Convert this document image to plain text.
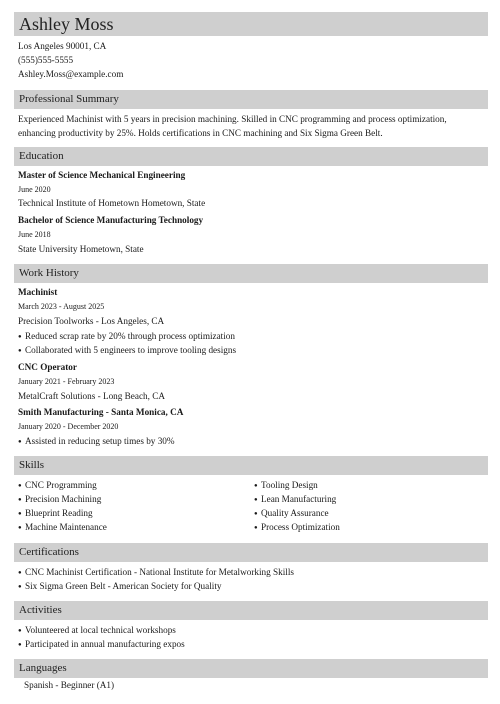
Ashley Moss
Los Angeles 90001, CA
(555)555-5555
Ashley.Moss@example.com
Professional Summary
Experienced Machinist with 5 years in precision machining. Skilled in CNC programming and process optimization, enhancing productivity by 25%. Holds certifications in CNC machining and Six Sigma Green Belt.
Education
Master of Science Mechanical Engineering
June 2020
Technical Institute of Hometown Hometown, State
Bachelor of Science Manufacturing Technology
June 2018
State University Hometown, State
Work History
Machinist
March 2023 - August 2025
Precision Toolworks - Los Angeles, CA
● Reduced scrap rate by 20% through process optimization
● Collaborated with 5 engineers to improve tooling designs
CNC Operator
January 2021 - February 2023
MetalCraft Solutions - Long Beach, CA
Smith Manufacturing - Santa Monica, CA
January 2020 - December 2020
● Assisted in reducing setup times by 30%
Skills
● CNC Programming
● Precision Machining
● Blueprint Reading
● Machine Maintenance
● Tooling Design
● Lean Manufacturing
● Quality Assurance
● Process Optimization
Certifications
● CNC Machinist Certification - National Institute for Metalworking Skills
● Six Sigma Green Belt - American Society for Quality
Activities
● Volunteered at local technical workshops
● Participated in annual manufacturing expos
Languages
Spanish - Beginner (A1)
